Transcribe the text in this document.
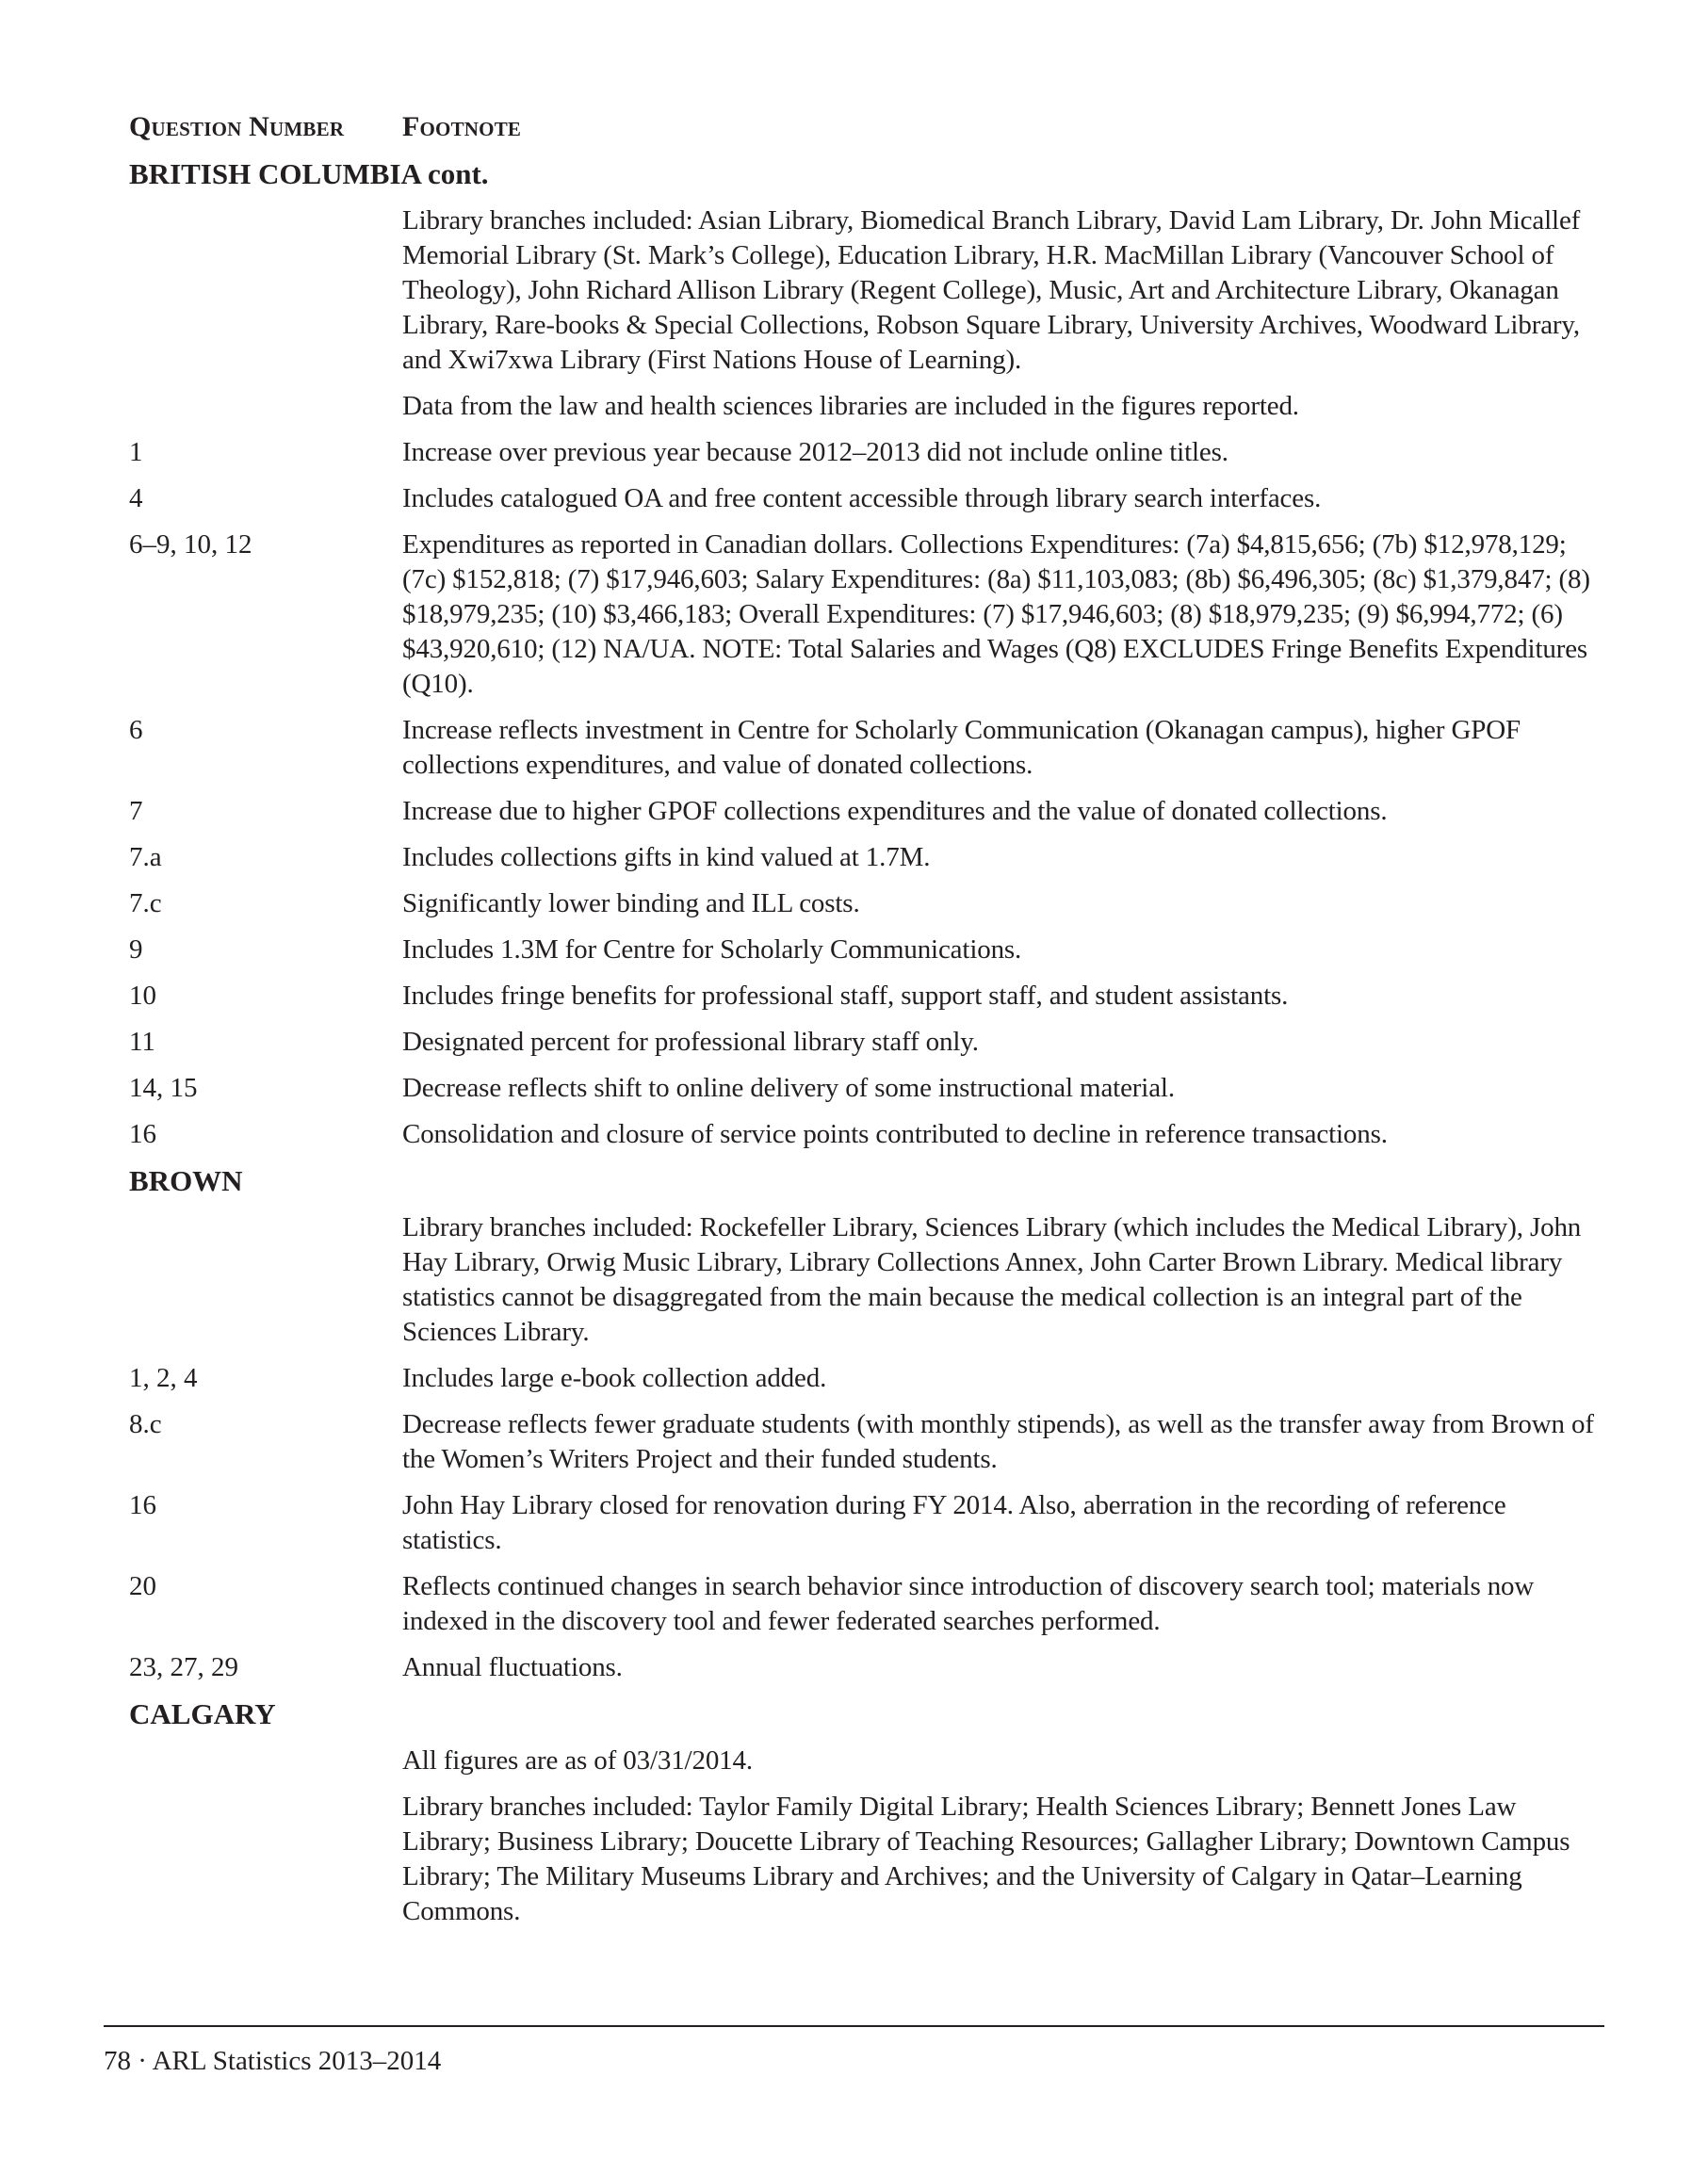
Question Number	Footnote
BRITISH COLUMBIA cont.
Library branches included: Asian Library, Biomedical Branch Library, David Lam Library, Dr. John Micallef Memorial Library (St. Mark’s College), Education Library, H.R. MacMillan Library (Vancouver School of Theology), John Richard Allison Library (Regent College), Music, Art and Architecture Library, Okanagan Library, Rare-books & Special Collections, Robson Square Library, University Archives, Woodward Library, and Xwi7xwa Library (First Nations House of Learning).
Data from the law and health sciences libraries are included in the figures reported.
1	Increase over previous year because 2012–2013 did not include online titles.
4	Includes catalogued OA and free content accessible through library search interfaces.
6–9, 10, 12	Expenditures as reported in Canadian dollars. Collections Expenditures: (7a) $4,815,656; (7b) $12,978,129; (7c) $152,818; (7) $17,946,603; Salary Expenditures: (8a) $11,103,083; (8b) $6,496,305; (8c) $1,379,847; (8) $18,979,235; (10) $3,466,183; Overall Expenditures: (7) $17,946,603; (8) $18,979,235; (9) $6,994,772; (6) $43,920,610; (12) NA/UA. NOTE: Total Salaries and Wages (Q8) EXCLUDES Fringe Benefits Expenditures (Q10).
6	Increase reflects investment in Centre for Scholarly Communication (Okanagan campus), higher GPOF collections expenditures, and value of donated collections.
7	Increase due to higher GPOF collections expenditures and the value of donated collections.
7.a	Includes collections gifts in kind valued at 1.7M.
7.c	Significantly lower binding and ILL costs.
9	Includes 1.3M for Centre for Scholarly Communications.
10	Includes fringe benefits for professional staff, support staff, and student assistants.
11	Designated percent for professional library staff only.
14, 15	Decrease reflects shift to online delivery of some instructional material.
16	Consolidation and closure of service points contributed to decline in reference transactions.
BROWN
Library branches included: Rockefeller Library, Sciences Library (which includes the Medical Library), John Hay Library, Orwig Music Library, Library Collections Annex, John Carter Brown Library. Medical library statistics cannot be disaggregated from the main because the medical collection is an integral part of the Sciences Library.
1, 2, 4	Includes large e-book collection added.
8.c	Decrease reflects fewer graduate students (with monthly stipends), as well as the transfer away from Brown of the Women’s Writers Project and their funded students.
16	John Hay Library closed for renovation during FY 2014. Also, aberration in the recording of reference statistics.
20	Reflects continued changes in search behavior since introduction of discovery search tool; materials now indexed in the discovery tool and fewer federated searches performed.
23, 27, 29	Annual fluctuations.
CALGARY
All figures are as of 03/31/2014.
Library branches included: Taylor Family Digital Library; Health Sciences Library; Bennett Jones Law Library; Business Library; Doucette Library of Teaching Resources; Gallagher Library; Downtown Campus Library; The Military Museums Library and Archives; and the University of Calgary in Qatar–Learning Commons.
78 · ARL Statistics 2013–2014
